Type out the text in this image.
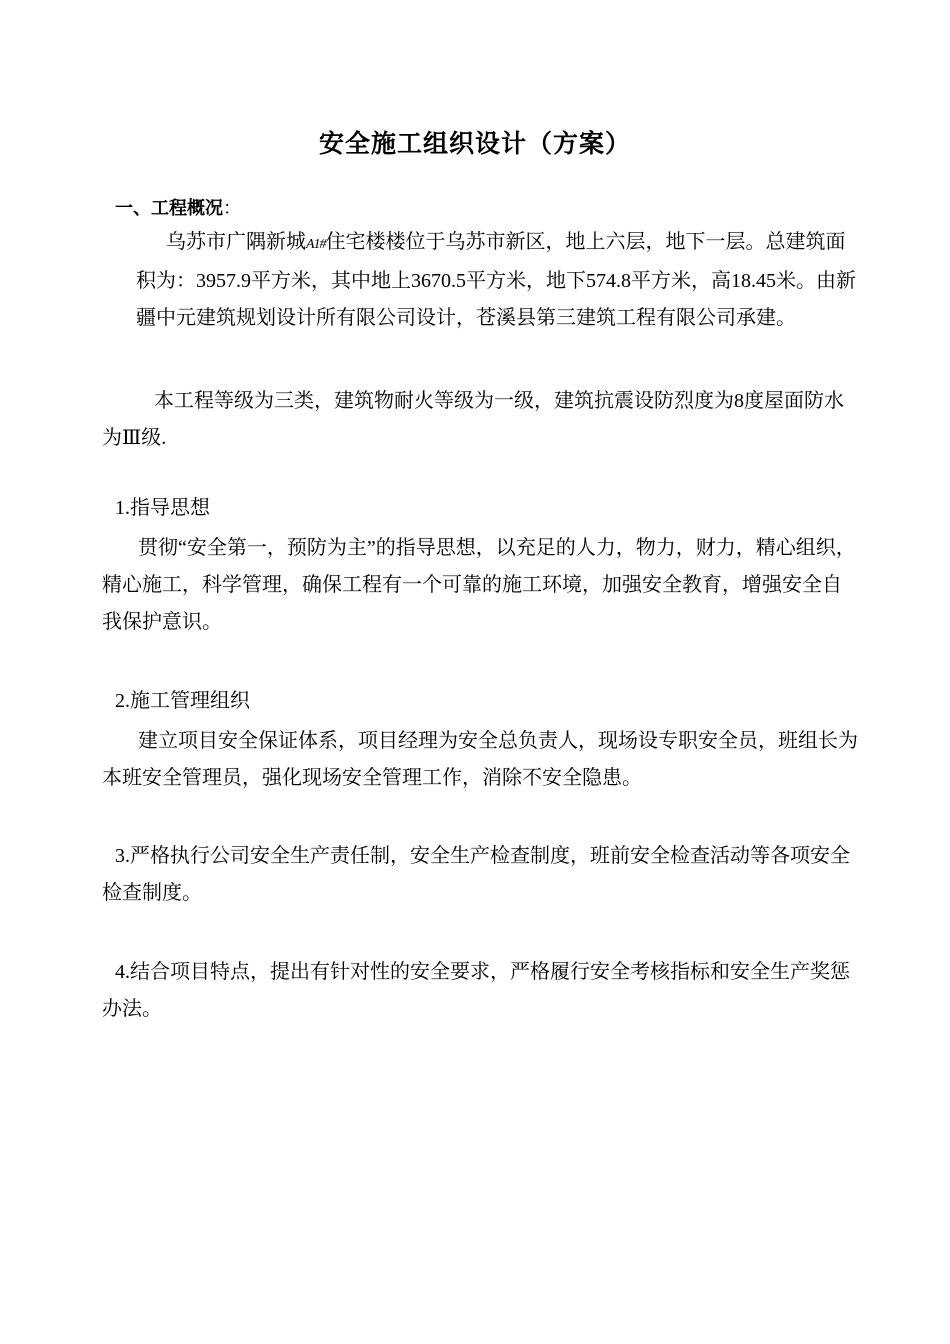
安全施工组织设计（方案）
一、工程概况：
乌苏市广隅新城A1#住宅楼楼位于乌苏市新区，地上六层，地下一层。总建筑面积为：3957.9平方米，其中地上3670.5平方米，地下574.8平方米，高18.45米。由新疆中元建筑规划设计所有限公司设计，苍溪县第三建筑工程有限公司承建。
本工程等级为三类，建筑物耐火等级为一级，建筑抗震设防烈度为8度屋面防水为Ⅲ级.
1.指导思想
贯彻“安全第一，预防为主”的指导思想，以充足的人力，物力，财力，精心组织，精心施工，科学管理，确保工程有一个可靠的施工环境，加强安全教育，增强安全自我保护意识。
2.施工管理组织
建立项目安全保证体系，项目经理为安全总负责人，现场设专职安全员，班组长为本班安全管理员，强化现场安全管理工作，消除不安全隐患。
3.严格执行公司安全生产责任制，安全生产检查制度，班前安全检查活动等各项安全检查制度。
4.结合项目特点，提出有针对性的安全要求，严格履行安全考核指标和安全生产奖惩办法。
